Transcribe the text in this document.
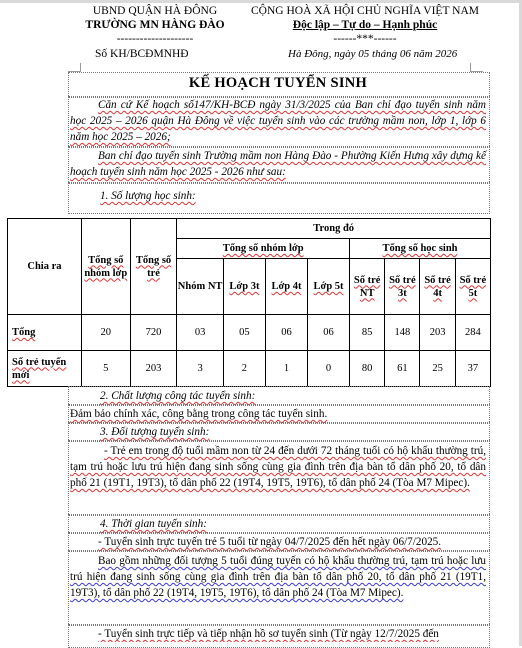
UBND QUẬN HÀ ĐÔNG
TRƯỜNG MN HÀNG ĐÀO
--------------------
CỘNG HOÀ XÃ HỘI CHỦ NGHĨA VIỆT NAM
Độc lập – Tự do – Hạnh phúc
------***------
Số KH/BCĐMNHĐ	Hà Đông, ngày 05 tháng 06 năm 2026
KẾ HOẠCH TUYỂN SINH
Căn cứ Kế hoạch số147/KH-BCĐ ngày 31/3/2025 của Ban chỉ đạo tuyển sinh năm học 2025 – 2026 quận Hà Đông về việc tuyển sinh vào các trường mầm non, lớp 1, lớp 6 năm học 2025 – 2026;
Ban chỉ đạo tuyển sinh Trường mầm non Hàng Đào - Phường Kiến Hưng xây dựng kế hoạch tuyển sinh năm học 2025 - 2026 như sau:
1. Số lượng học sinh:
Chia ra	Tổng số nhóm lớp	Tổng số trẻ	Trong đó							
			Tổng số nhóm lớp				Tổng số học sinh			
			Nhóm NT	Lớp 3t	Lớp 4t	Lớp 5t	Số trẻ NT	Số trẻ 3t	Số trẻ 4t	Số trẻ 5t
Tổng	20	720	03	05	06	06	85	148	203	284
Số trẻ tuyển mới	5	203	3	2	1	0	80	61	25	37
2. Chất lượng công tác tuyển sinh:
Đảm bảo chính xác, công bằng trong công tác tuyển sinh.
3. Đối tượng tuyển sinh:
- Trẻ em trong độ tuổi mầm non từ 24 đến dưới 72 tháng tuổi có hộ khẩu thường trú, tạm trú hoặc lưu trú hiện đang sinh sống cùng gia đình trên địa bàn tổ dân phố 20, tổ dân phố 21 (19T1, 19T3), tổ dân phố 22 (19T4, 19T5, 19T6), tổ dân phố 24 (Tòa M7 Mipec).
4. Thời gian tuyển sinh:
- Tuyển sinh trực tuyến trẻ 5 tuổi từ ngày 04/7/2025 đến hết ngày 06/7/2025.
Bao gồm những đối tượng 5 tuổi đúng tuyến có hộ khẩu thường trú, tạm trú hoặc lưu trú hiện đang sinh sống cùng gia đình trên địa bàn tổ dân phố 20, tổ dân phố 21 (19T1, 19T3), tổ dân phố 22 (19T4, 19T5, 19T6), tổ dân phố 24 (Tòa M7 Mipec).
- Tuyển sinh trực tiếp và tiếp nhận hồ sơ tuyển sinh (Từ ngày 12/7/2025 đến
